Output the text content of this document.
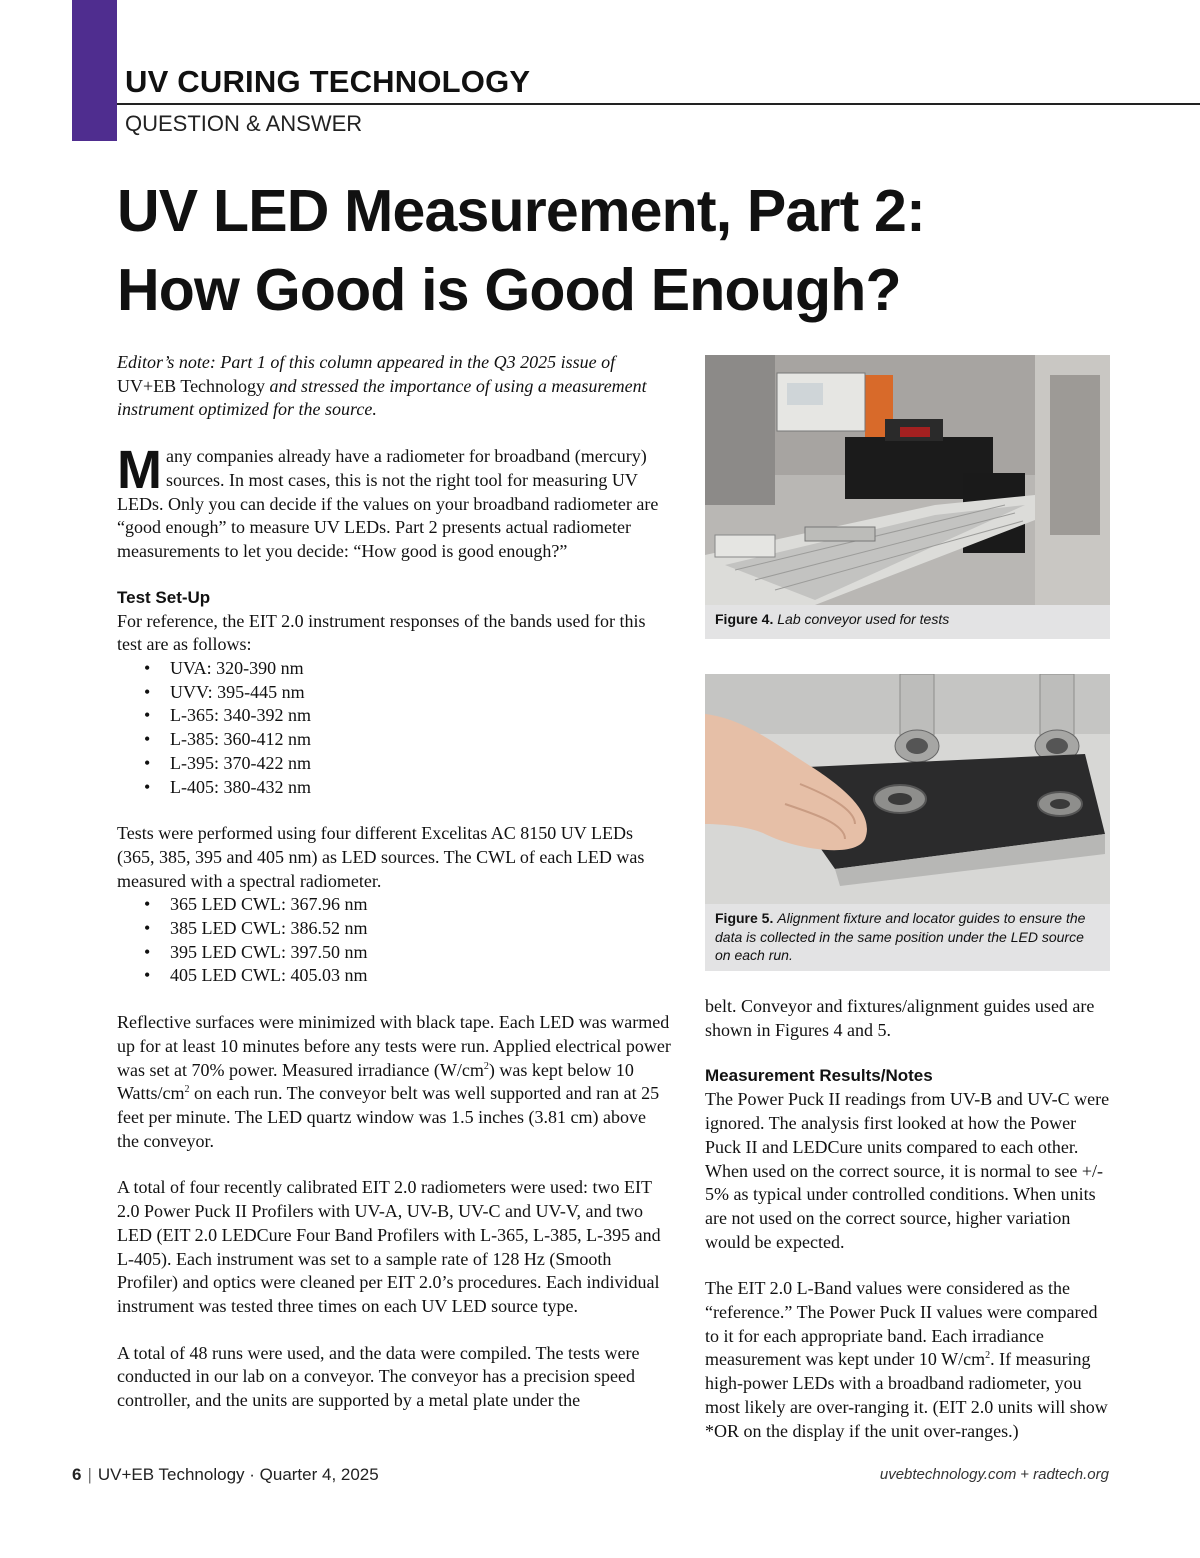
UV CURING TECHNOLOGY
QUESTION & ANSWER
UV LED Measurement, Part 2:
How Good is Good Enough?

Editor’s note: Part 1 of this column appeared in the Q3 2025 issue of UV+EB Technology and stressed the importance of using a measurement instrument optimized for the source.

Many companies already have a radiometer for broadband (mercury) sources. In most cases, this is not the right tool for measuring UV LEDs. Only you can decide if the values on your broadband radiometer are “good enough” to measure UV LEDs. Part 2 presents actual radiometer measurements to let you decide: “How good is good enough?”

Test Set-Up

For reference, the EIT 2.0 instrument responses of the bands used for this test are as follows:

• UVA: 320-390 nm
• UVV: 395-445 nm
• L-365: 340-392 nm
• L-385: 360-412 nm
• L-395: 370-422 nm
• L-405: 380-432 nm

Tests were performed using four different Excelitas AC 8150 UV LEDs (365, 385, 395 and 405 nm) as LED sources. The CWL of each LED was measured with a spectral radiometer.

• 365 LED CWL: 367.96 nm
• 385 LED CWL: 386.52 nm
• 395 LED CWL: 397.50 nm
• 405 LED CWL: 405.03 nm

Reflective surfaces were minimized with black tape. Each LED was warmed up for at least 10 minutes before any tests were run. Applied electrical power was set at 70% power. Measured irradiance $(W/cm^2)$ was kept below 10 Watts/$cm^2$ on each run. The conveyor belt was well supported and ran at 25 feet per minute. The LED quartz window was 1.5 inches (3.81 cm) above the conveyor.

A total of four recently calibrated EIT 2.0 radiometers were used: two EIT 2.0 Power Puck II Profilers with UV-A, UV-B, UV-C and UV-V, and two LED (EIT 2.0 LEDCure Four Band Profilers with L-365, L-385, L-395 and L-405). Each instrument was set to a sample rate of 128 Hz (Smooth Profiler) and optics were cleaned per EIT 2.0’s procedures. Each individual instrument was tested three times on each UV LED source type.

A total of 48 runs were used, and the data were compiled. The tests were conducted in our lab on a conveyor. The conveyor has a precision speed controller, and the units are supported by a metal plate under the

Figure 4. Lab conveyor used for tests
Figure 5. Alignment fixture and locator guides to ensure the data is collected in the same position under the LED source on each run.

belt. Conveyor and fixtures/alignment guides used are shown in Figures 4 and 5.

Measurement Results/Notes

The Power Puck II readings from UV-B and UV-C were ignored. The analysis first looked at how the Power Puck II and LEDCure units compared to each other. When used on the correct source, it is normal to see +/- 5% as typical under controlled conditions. When units are not used on the correct source, higher variation would be expected.

The EIT 2.0 L-Band values were considered as the “reference.” The Power Puck II values were compared to it for each appropriate band. Each irradiance measurement was kept under 10 $W/cm^2$. If measuring high-power LEDs with a broadband radiometer, you most likely are over-ranging it. (EIT 2.0 units will show *OR on the display if the unit over-ranges.)

6 | UV+EB Technology · Quarter 4, 2025	uvebtechnology.com + radtech.org
